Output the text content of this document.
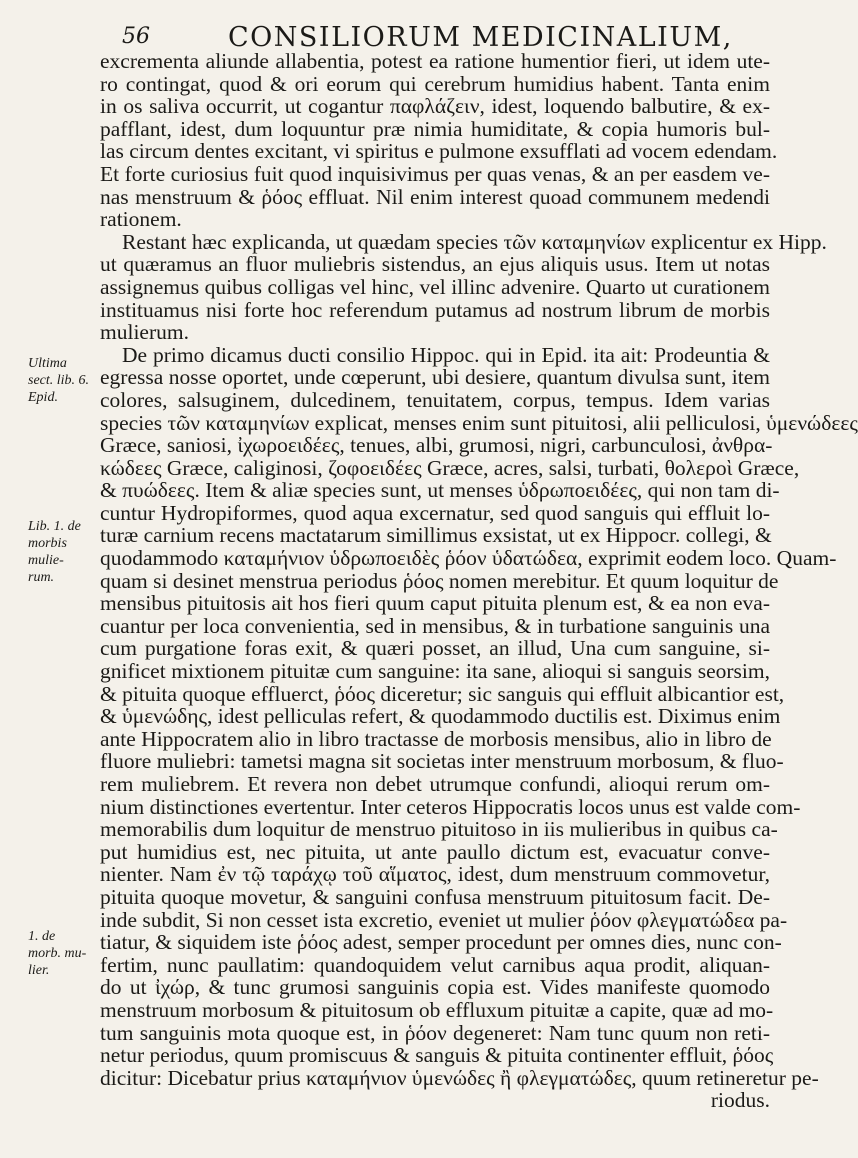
56	CONSILIORUM MEDICINALIUM,
Ultima
sect. lib. 6.
Epid.
Lib. 1. de
morbis
mulie-
rum.
1. de
morb. mu-
lier.
excrementa aliunde allabentia, potest ea ratione humentior fieri, ut idem ute-
ro contingat, quod & ori eorum qui cerebrum humidius habent. Tanta enim
in os saliva occurrit, ut cogantur παφλάζειν, idest, loquendo balbutire, & ex-
pafflant, idest, dum loquuntur præ nimia humiditate, & copia humoris bul-
las circum dentes excitant, vi spiritus e pulmone exsufflati ad vocem edendam.
Et forte curiosius fuit quod inquisivimus per quas venas, & an per easdem ve-
nas menstruum & ῥόος effluat. Nil enim interest quoad communem medendi
rationem.
Restant hæc explicanda, ut quædam species τῶν καταμηνίων explicentur ex Hipp.
ut quæramus an fluor muliebris sistendus, an ejus aliquis usus. Item ut notas
assignemus quibus colligas vel hinc, vel illinc advenire. Quarto ut curationem
instituamus nisi forte hoc referendum putamus ad nostrum librum de morbis
mulierum.
De primo dicamus ducti consilio Hippoc. qui in Epid. ita ait: Prodeuntia &
egressa nosse oportet, unde cœperunt, ubi desiere, quantum divulsa sunt, item
colores, salsuginem, dulcedinem, tenuitatem, corpus, tempus. Idem varias
species τῶν καταμηνίων explicat, menses enim sunt pituitosi, alii pelliculosi, ὑμενώδεες
Græce, saniosi, ἰχωροειδέες, tenues, albi, grumosi, nigri, carbunculosi, ἀνθρα-
κώδεες Græce, caliginosi, ζοφοειδέες Græce, acres, salsi, turbati, θολεροὶ Græce,
& πυώδεες. Item & aliæ species sunt, ut menses ὑδρωποειδέες, qui non tam di-
cuntur Hydropiformes, quod aqua excernatur, sed quod sanguis qui effluit lo-
turæ carnium recens mactatarum simillimus exsistat, ut ex Hippocr. collegi, &
quodammodo καταμήνιον ὑδρωποειδὲς ῥόον ὑδατώδεα, exprimit eodem loco. Quam-
quam si desinet menstrua periodus ῥόος nomen merebitur. Et quum loquitur de
mensibus pituitosis ait hos fieri quum caput pituita plenum est, & ea non eva-
cuantur per loca convenientia, sed in mensibus, & in turbatione sanguinis una
cum purgatione foras exit, & quæri posset, an illud, Una cum sanguine, si-
gnificet mixtionem pituitæ cum sanguine: ita sane, alioqui si sanguis seorsim,
& pituita quoque effluerct, ῥόος diceretur; sic sanguis qui effluit albicantior est,
& ὑμενώδης, idest pelliculas refert, & quodammodo ductilis est. Diximus enim
ante Hippocratem alio in libro tractasse de morbosis mensibus, alio in libro de
fluore muliebri: tametsi magna sit societas inter menstruum morbosum, & fluo-
rem muliebrem. Et revera non debet utrumque confundi, alioqui rerum om-
nium distinctiones evertentur. Inter ceteros Hippocratis locos unus est valde com-
memorabilis dum loquitur de menstruo pituitoso in iis mulieribus in quibus ca-
put humidius est, nec pituita, ut ante paullo dictum est, evacuatur conve-
nienter. Nam ἐν τῷ ταράχῳ τοῦ αἵματος, idest, dum menstruum commovetur,
pituita quoque movetur, & sanguini confusa menstruum pituitosum facit. De-
inde subdit, Si non cesset ista excretio, eveniet ut mulier ῥόον φλεγματώδεα pa-
tiatur, & siquidem iste ῥόος adest, semper procedunt per omnes dies, nunc con-
fertim, nunc paullatim: quandoquidem velut carnibus aqua prodit, aliquan-
do ut ἰχώρ, & tunc grumosi sanguinis copia est. Vides manifeste quomodo
menstruum morbosum & pituitosum ob effluxum pituitæ a capite, quæ ad mo-
tum sanguinis mota quoque est, in ῥόον degeneret: Nam tunc quum non reti-
netur periodus, quum promiscuus & sanguis & pituita continenter effluit, ῥόος
dicitur: Dicebatur prius καταμήνιον ὑμενώδες ἢ φλεγματώδες, quum retineretur pe-
riodus.
